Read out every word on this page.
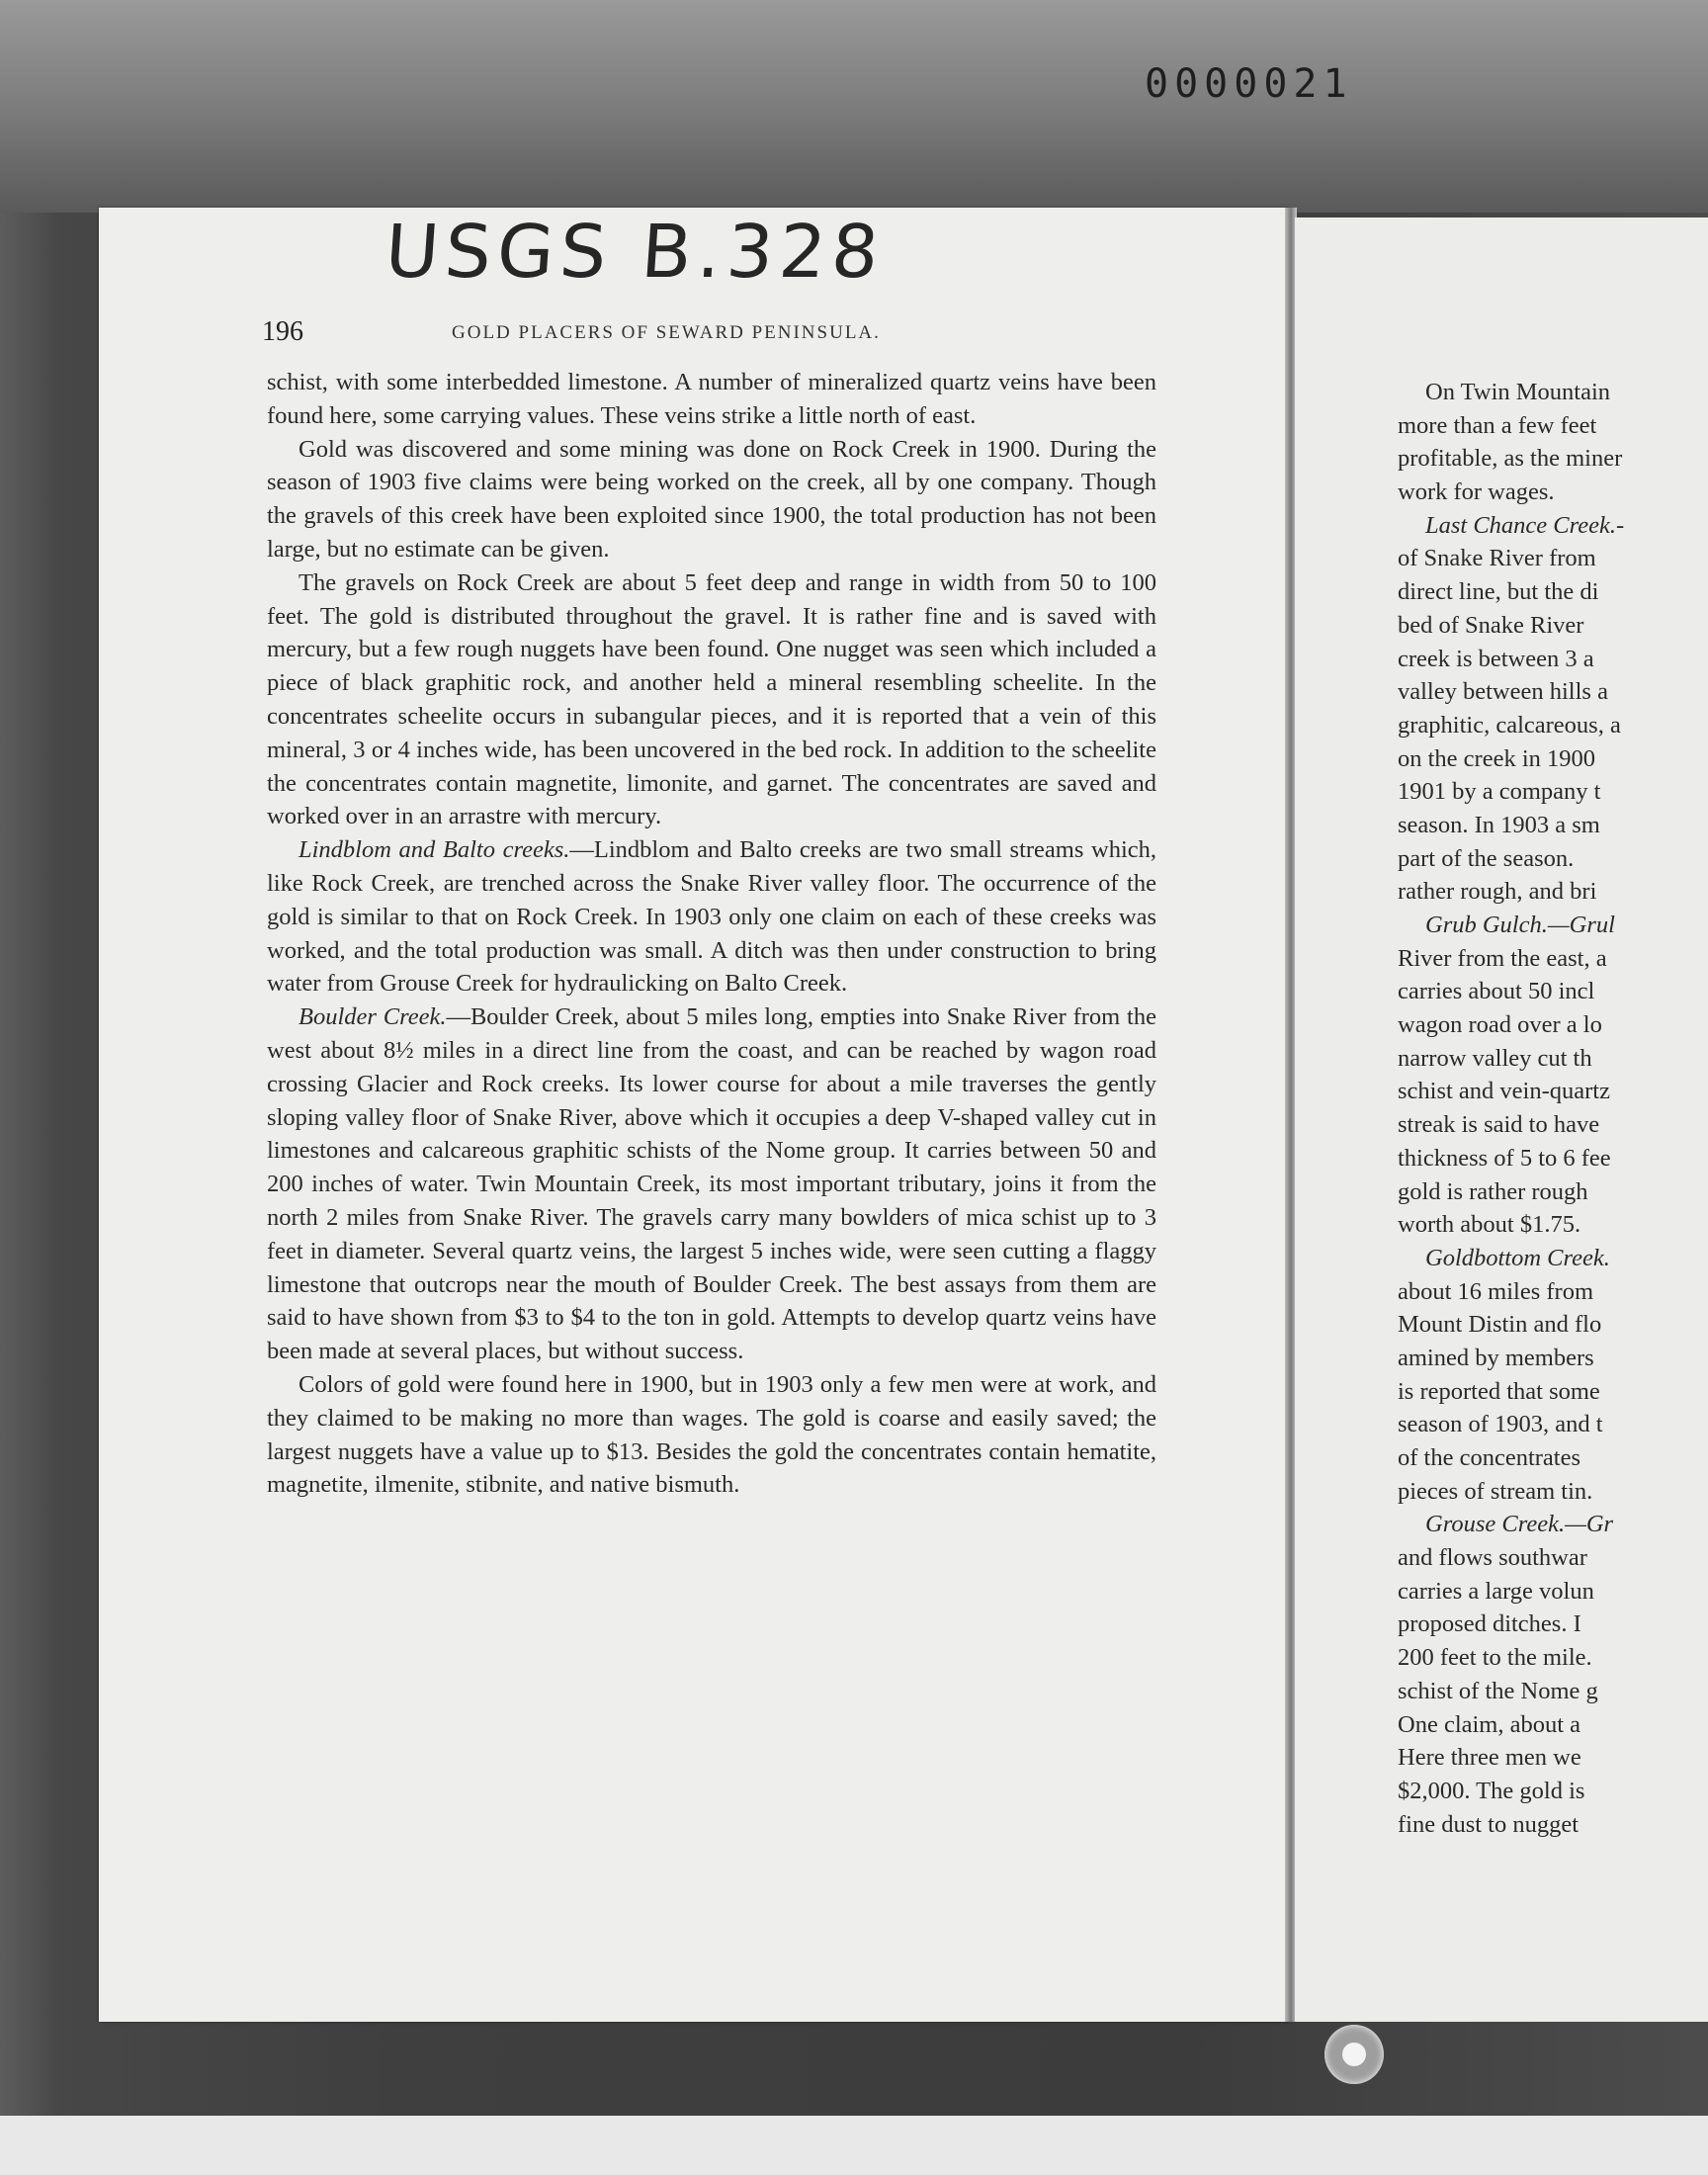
0000021
USGS B.328
196	GOLD PLACERS OF SEWARD PENINSULA.

schist, with some interbedded limestone. A number of mineralized quartz veins have been found here, some carrying values. These veins strike a little north of east.

Gold was discovered and some mining was done on Rock Creek in 1900. During the season of 1903 five claims were being worked on the creek, all by one company. Though the gravels of this creek have been exploited since 1900, the total production has not been large, but no estimate can be given.

The gravels on Rock Creek are about 5 feet deep and range in width from 50 to 100 feet. The gold is distributed throughout the gravel. It is rather fine and is saved with mercury, but a few rough nuggets have been found. One nugget was seen which included a piece of black graphitic rock, and another held a mineral resembling scheelite. In the concentrates scheelite occurs in subangular pieces, and it is reported that a vein of this mineral, 3 or 4 inches wide, has been uncovered in the bed rock. In addition to the scheelite the concentrates contain magnetite, limonite, and garnet. The concentrates are saved and worked over in an arrastre with mercury.

Lindblom and Balto creeks.—Lindblom and Balto creeks are two small streams which, like Rock Creek, are trenched across the Snake River valley floor. The occurrence of the gold is similar to that on Rock Creek. In 1903 only one claim on each of these creeks was worked, and the total production was small. A ditch was then under construction to bring water from Grouse Creek for hydraulicking on Balto Creek.

Boulder Creek.—Boulder Creek, about 5 miles long, empties into Snake River from the west about 8½ miles in a direct line from the coast, and can be reached by wagon road crossing Glacier and Rock creeks. Its lower course for about a mile traverses the gently sloping valley floor of Snake River, above which it occupies a deep V-shaped valley cut in limestones and calcareous graphitic schists of the Nome group. It carries between 50 and 200 inches of water. Twin Mountain Creek, its most important tributary, joins it from the north 2 miles from Snake River. The gravels carry many bowlders of mica schist up to 3 feet in diameter. Several quartz veins, the largest 5 inches wide, were seen cutting a flaggy limestone that outcrops near the mouth of Boulder Creek. The best assays from them are said to have shown from $3 to $4 to the ton in gold. Attempts to develop quartz veins have been made at several places, but without success.

Colors of gold were found here in 1900, but in 1903 only a few men were at work, and they claimed to be making no more than wages. The gold is coarse and easily saved; the largest nuggets have a value up to $13. Besides the gold the concentrates contain hematite, magnetite, ilmenite, stibnite, and native bismuth.

On Twin Mountain
more than a few feet
profitable, as the miner
work for wages.
Last Chance Creek.-
of Snake River from
direct line, but the di
bed of Snake River
creek is between 3 a
valley between hills a
graphitic, calcareous, a
on the creek in 1900
1901 by a company t
season. In 1903 a sm
part of the season.
rather rough, and bri
Grub Gulch.—Grul
River from the east, a
carries about 50 incl
wagon road over a lo
narrow valley cut th
schist and vein-quartz
streak is said to have
thickness of 5 to 6 fee
gold is rather rough
worth about $1.75.
Goldbottom Creek.
about 16 miles from
Mount Distin and flo
amined by members
is reported that some
season of 1903, and t
of the concentrates
pieces of stream tin.
Grouse Creek.—Gr
and flows southwar
carries a large volun
proposed ditches. I
200 feet to the mile.
schist of the Nome g
One claim, about a
Here three men we
$2,000. The gold is
fine dust to nugget
